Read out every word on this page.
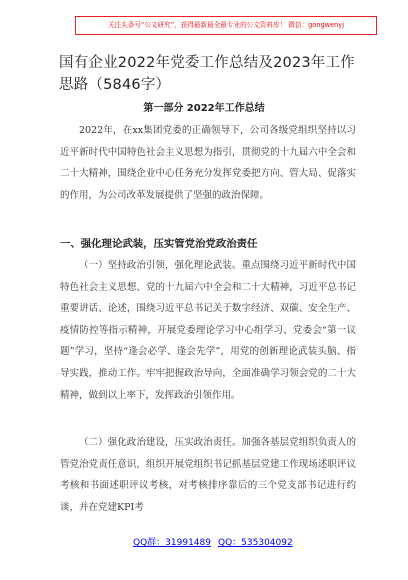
关注头条号“公文研究”，获得最新最全最专业的公文资料库！ 微信：gongwenyj
国有企业2022年党委工作总结及2023年工作思路（5846字）
第一部分 2022年工作总结
2022年，在xx集团党委的正确领导下，公司各级党组织坚持以习近平新时代中国特色社会主义思想为指引，贯彻党的十九届六中全会和二十大精神，围绕企业中心任务充分发挥党委把方向、管大局、促落实的作用，为公司改革发展提供了坚强的政治保障。
一、强化理论武装，压实管党治党政治责任
（一）坚持政治引领，强化理论武装。重点围绕习近平新时代中国特色社会主义思想、党的十九届六中全会和二十大精神，习近平总书记重要讲话、论述，围绕习近平总书记关于数字经济、双碳、安全生产、疫情防控等指示精神，开展党委理论学习中心组学习、党委会“第一议题”学习，坚持“逢会必学、逢会先学”，用党的创新理论武装头脑、指导实践，推动工作。牢牢把握政治导向，全面准确学习领会党的二十大精神，做到以上率下，发挥政治引领作用。
（二）强化政治建设，压实政治责任。加强各基层党组织负责人的管党治党责任意识，组织开展党组织书记抓基层党建工作现场述职评议考核和书面述职评议考核，对考核排序靠后的三个党支部书记进行约谈，并在党建KPI考
QQ群：31991489 QQ：535304092
